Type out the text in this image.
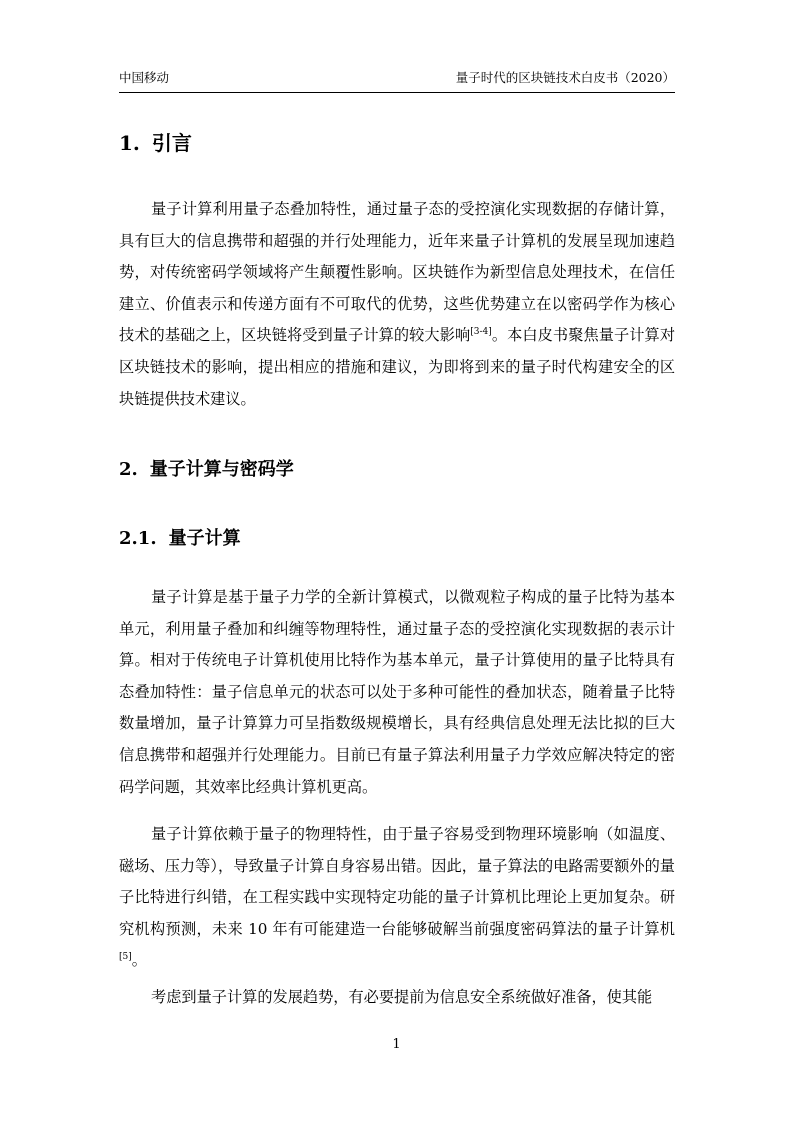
中国移动	量子时代的区块链技术白皮书（2020）
1. 引言

量子计算利用量子态叠加特性，通过量子态的受控演化实现数据的存储计算，具有巨大的信息携带和超强的并行处理能力，近年来量子计算机的发展呈现加速趋势，对传统密码学领域将产生颠覆性影响。区块链作为新型信息处理技术，在信任建立、价值表示和传递方面有不可取代的优势，这些优势建立在以密码学作为核心技术的基础之上，区块链将受到量子计算的较大影响[3-4]。本白皮书聚焦量子计算对区块链技术的影响，提出相应的措施和建议，为即将到来的量子时代构建安全的区块链提供技术建议。

2. 量子计算与密码学
2.1. 量子计算

量子计算是基于量子力学的全新计算模式，以微观粒子构成的量子比特为基本单元，利用量子叠加和纠缠等物理特性，通过量子态的受控演化实现数据的表示计算。相对于传统电子计算机使用比特作为基本单元，量子计算使用的量子比特具有态叠加特性：量子信息单元的状态可以处于多种可能性的叠加状态，随着量子比特数量增加，量子计算算力可呈指数级规模增长，具有经典信息处理无法比拟的巨大信息携带和超强并行处理能力。目前已有量子算法利用量子力学效应解决特定的密码学问题，其效率比经典计算机更高。

量子计算依赖于量子的物理特性，由于量子容易受到物理环境影响（如温度、磁场、压力等），导致量子计算自身容易出错。因此，量子算法的电路需要额外的量子比特进行纠错，在工程实践中实现特定功能的量子计算机比理论上更加复杂。研究机构预测，未来 10 年有可能建造一台能够破解当前强度密码算法的量子计算机[5]。

考虑到量子计算的发展趋势，有必要提前为信息安全系统做好准备，使其能

1
